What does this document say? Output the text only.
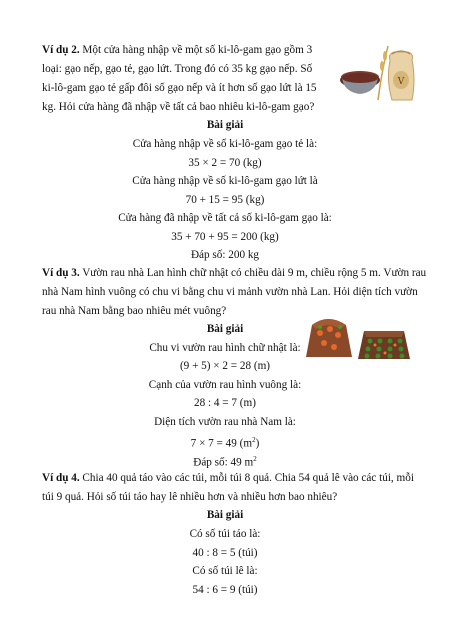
Ví dụ 2. Một cửa hàng nhập về một số ki-lô-gam gạo gồm 3
loại: gạo nếp, gạo tẻ, gạo lứt. Trong đó có 35 kg gạo nếp. Số
ki-lô-gam gạo tẻ gấp đôi số gạo nếp và ít hơn số gạo lứt là 15
kg. Hỏi cửa hàng đã nhập về tất cả bao nhiêu ki-lô-gam gạo?
V
Bài giải
Cửa hàng nhập về số ki-lô-gam gạo tẻ là:
35 × 2 = 70 (kg)
Cửa hàng nhập về số ki-lô-gam gạo lứt là
70 + 15 = 95 (kg)
Cửa hàng đã nhập về tất cả số ki-lô-gam gạo là:
35 + 70 + 95 = 200 (kg)
Đáp số: 200 kg
Ví dụ 3. Vườn rau nhà Lan hình chữ nhật có chiều dài 9 m, chiều rộng 5 m. Vườn rau
nhà Nam hình vuông có chu vi bằng chu vi mảnh vườn nhà Lan. Hỏi diện tích vườn
rau nhà Nam bằng bao nhiêu mét vuông?
Bài giải
Chu vi vườn rau hình chữ nhật là:
(9 + 5) × 2 = 28 (m)
Cạnh của vườn rau hình vuông là:
28 : 4 = 7 (m)
Diện tích vườn rau nhà Nam là:
7 × 7 = 49 $(m^2)$
Đáp số: 49 $m^2$
Ví dụ 4. Chia 40 quả táo vào các túi, mỗi túi 8 quả. Chia 54 quả lê vào các túi, mỗi
túi 9 quả. Hỏi số túi táo hay lê nhiều hơn và nhiều hơn bao nhiêu?
Bài giải
Có số túi táo là:
40 : 8 = 5 (túi)
Có số túi lê là:
54 : 6 = 9 (túi)
